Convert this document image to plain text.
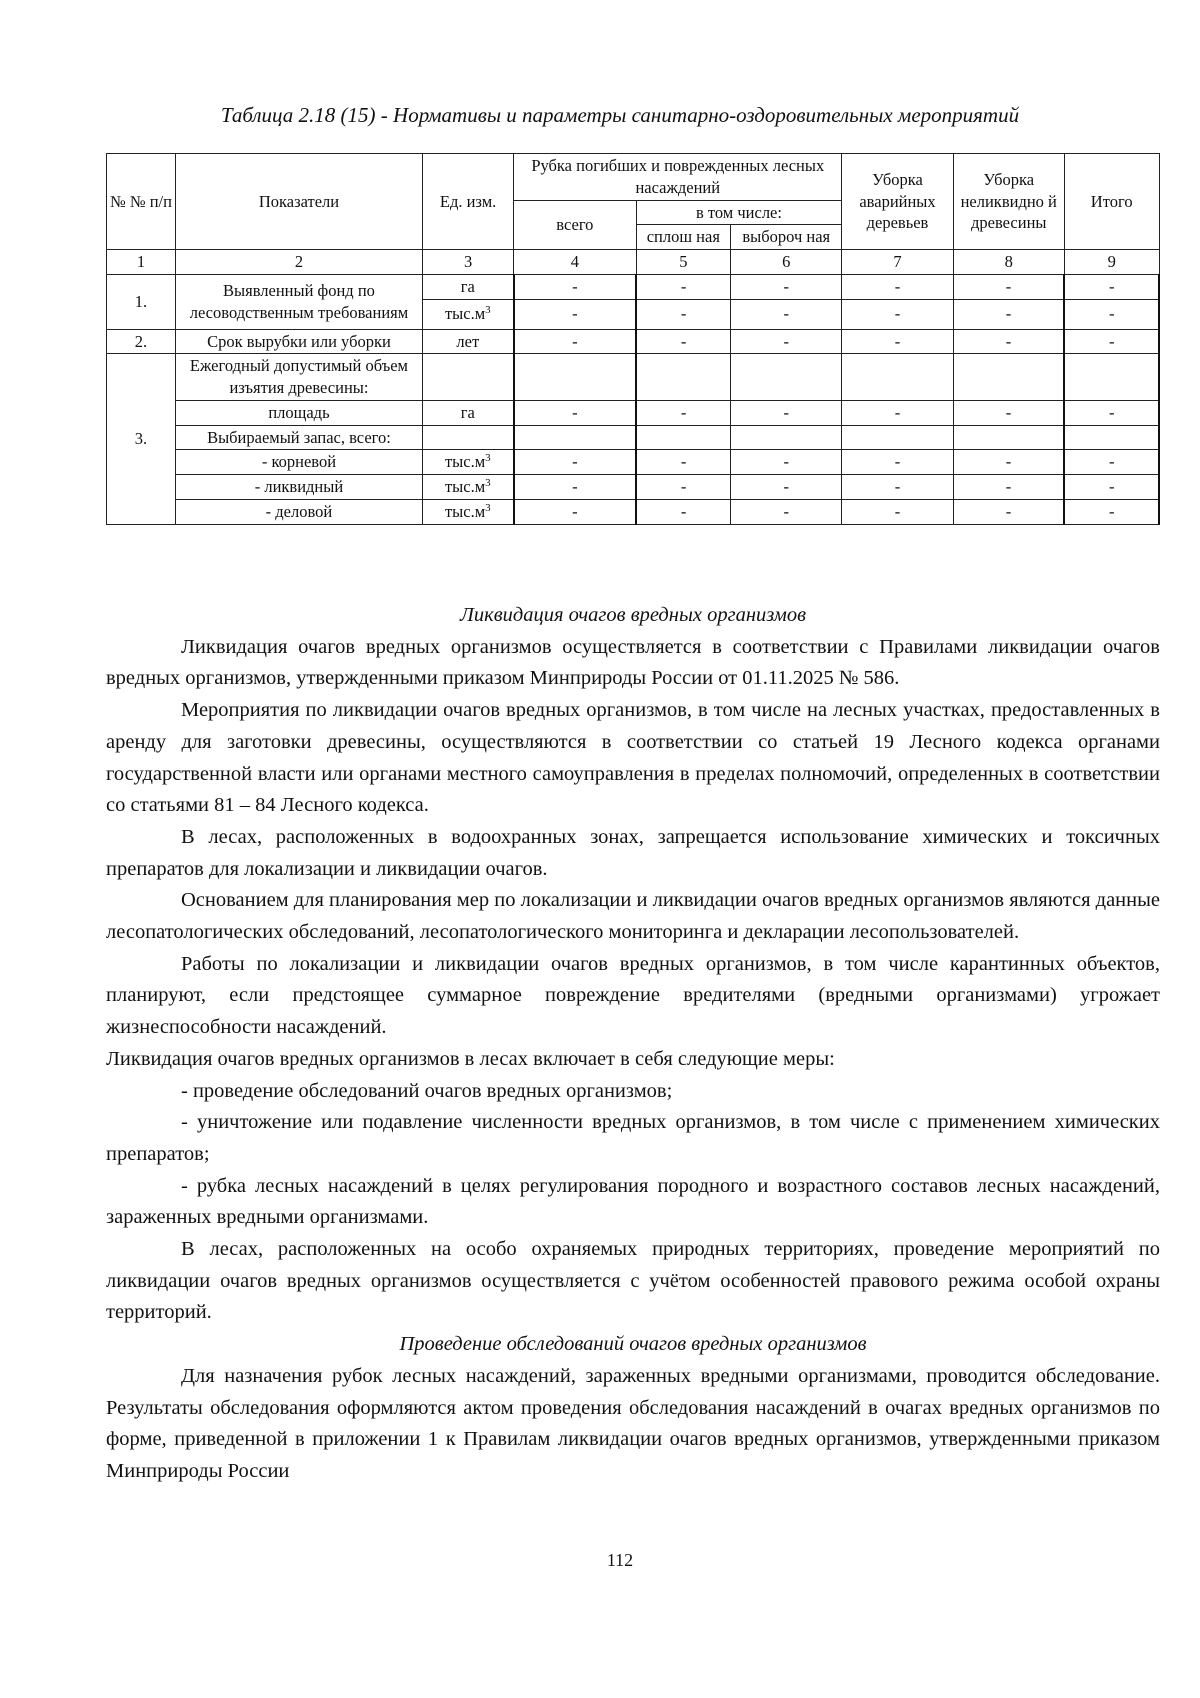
Таблица 2.18 (15) - Нормативы и параметры санитарно-оздоровительных мероприятий

№ № п/п	Показатели	Ед. изм.	Рубка погибших и поврежденных лесных насаждений			Уборка аварийных деревьев	Уборка неликвидно й древесины	Итого
			всего	в том числе:				
				сплош ная	выбороч ная			
1	2	3	4	5	6	7	8	9
1.	Выявленный фонд по лесоводственным требованиям	га	-	-	-	-	-	-
		$тыс.м^3$	-	-	-	-	-	-
2.	Срок вырубки или уборки	лет	-	-	-	-	-	-
3.	Ежегодный допустимый объем изъятия древесины:							
	площадь	га	-	-	-	-	-	-
	Выбираемый запас, всего:							
	- корневой	$тыс.м^3$	-	-	-	-	-	-
	- ликвидный	$тыс.м^3$	-	-	-	-	-	-
	- деловой	$тыс.м^3$	-	-	-	-	-	-
Ликвидация очагов вредных организмов

Ликвидация очагов вредных организмов осуществляется в соответствии с Правилами ликвидации очагов вредных организмов, утвержденными приказом Минприроды России от 01.11.2025 № 586.

Мероприятия по ликвидации очагов вредных организмов, в том числе на лесных участках, предоставленных в аренду для заготовки древесины, осуществляются в соответствии со статьей 19 Лесного кодекса органами государственной власти или органами местного самоуправления в пределах полномочий, определенных в соответствии со статьями 81 – 84 Лесного кодекса.

В лесах, расположенных в водоохранных зонах, запрещается использование химических и токсичных препаратов для локализации и ликвидации очагов.

Основанием для планирования мер по локализации и ликвидации очагов вредных организмов являются данные лесопатологических обследований, лесопатологического мониторинга и декларации лесопользователей.

Работы по локализации и ликвидации очагов вредных организмов, в том числе карантинных объектов, планируют, если предстоящее суммарное повреждение вредителями (вредными организмами) угрожает жизнеспособности насаждений.

Ликвидация очагов вредных организмов в лесах включает в себя следующие меры:

- проведение обследований очагов вредных организмов;

- уничтожение или подавление численности вредных организмов, в том числе с применением химических препаратов;

- рубка лесных насаждений в целях регулирования породного и возрастного составов лесных насаждений, зараженных вредными организмами.

В лесах, расположенных на особо охраняемых природных территориях, проведение мероприятий по ликвидации очагов вредных организмов осуществляется с учётом особенностей правового режима особой охраны территорий.

Проведение обследований очагов вредных организмов

Для назначения рубок лесных насаждений, зараженных вредными организмами, проводится обследование. Результаты обследования оформляются актом проведения обследования насаждений в очагах вредных организмов по форме, приведенной в приложении 1 к Правилам ликвидации очагов вредных организмов, утвержденными приказом Минприроды России

112
